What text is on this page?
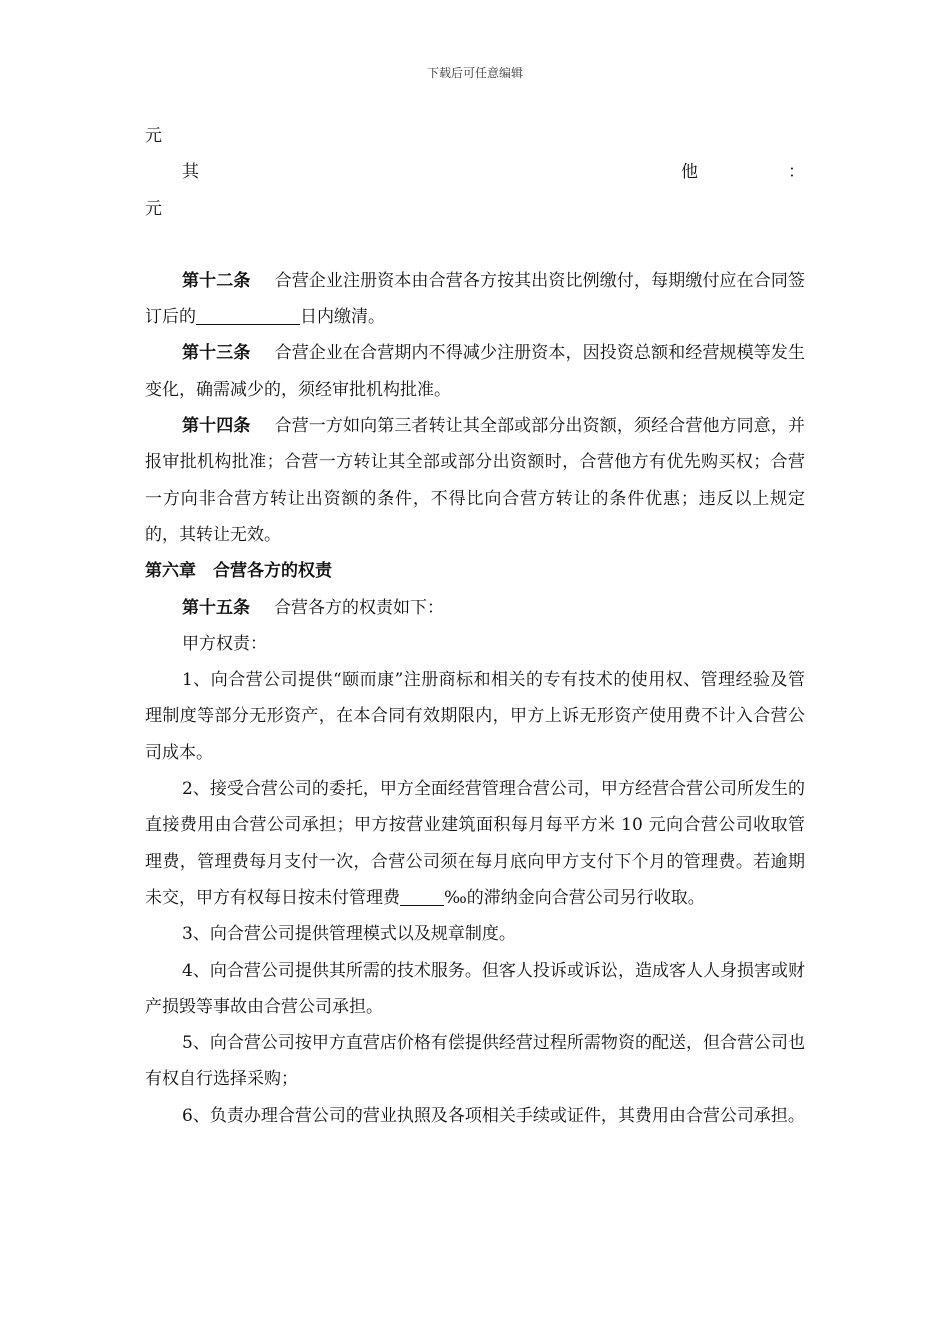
下载后可任意编辑

元

其	他	：

元

第十二条 合营企业注册资本由合营各方按其出资比例缴付，每期缴付应在合同签订后的	日内缴清。

第十三条 合营企业在合营期内不得减少注册资本，因投资总额和经营规模等发生变化，确需减少的，须经审批机构批准。

第十四条 合营一方如向第三者转让其全部或部分出资额，须经合营他方同意，并报审批机构批准；合营一方转让其全部或部分出资额时，合营他方有优先购买权；合营一方向非合营方转让出资额的条件，不得比向合营方转让的条件优惠；违反以上规定的，其转让无效。

第六章　合营各方的权责

第十五条 合营各方的权责如下：

甲方权责：

1、向合营公司提供“颐而康”注册商标和相关的专有技术的使用权、管理经验及管理制度等部分无形资产，在本合同有效期限内，甲方上诉无形资产使用费不计入合营公司成本。

2、接受合营公司的委托，甲方全面经营管理合营公司，甲方经营合营公司所发生的直接费用由合营公司承担；甲方按营业建筑面积每月每平方米 10 元向合营公司收取管理费，管理费每月支付一次，合营公司须在每月底向甲方支付下个月的管理费。若逾期未交，甲方有权每日按未付管理费	‰的滞纳金向合营公司另行收取。

3、向合营公司提供管理模式以及规章制度。

4、向合营公司提供其所需的技术服务。但客人投诉或诉讼，造成客人人身损害或财产损毁等事故由合营公司承担。

5、向合营公司按甲方直营店价格有偿提供经营过程所需物资的配送，但合营公司也有权自行选择采购；

6、负责办理合营公司的营业执照及各项相关手续或证件，其费用由合营公司承担。
